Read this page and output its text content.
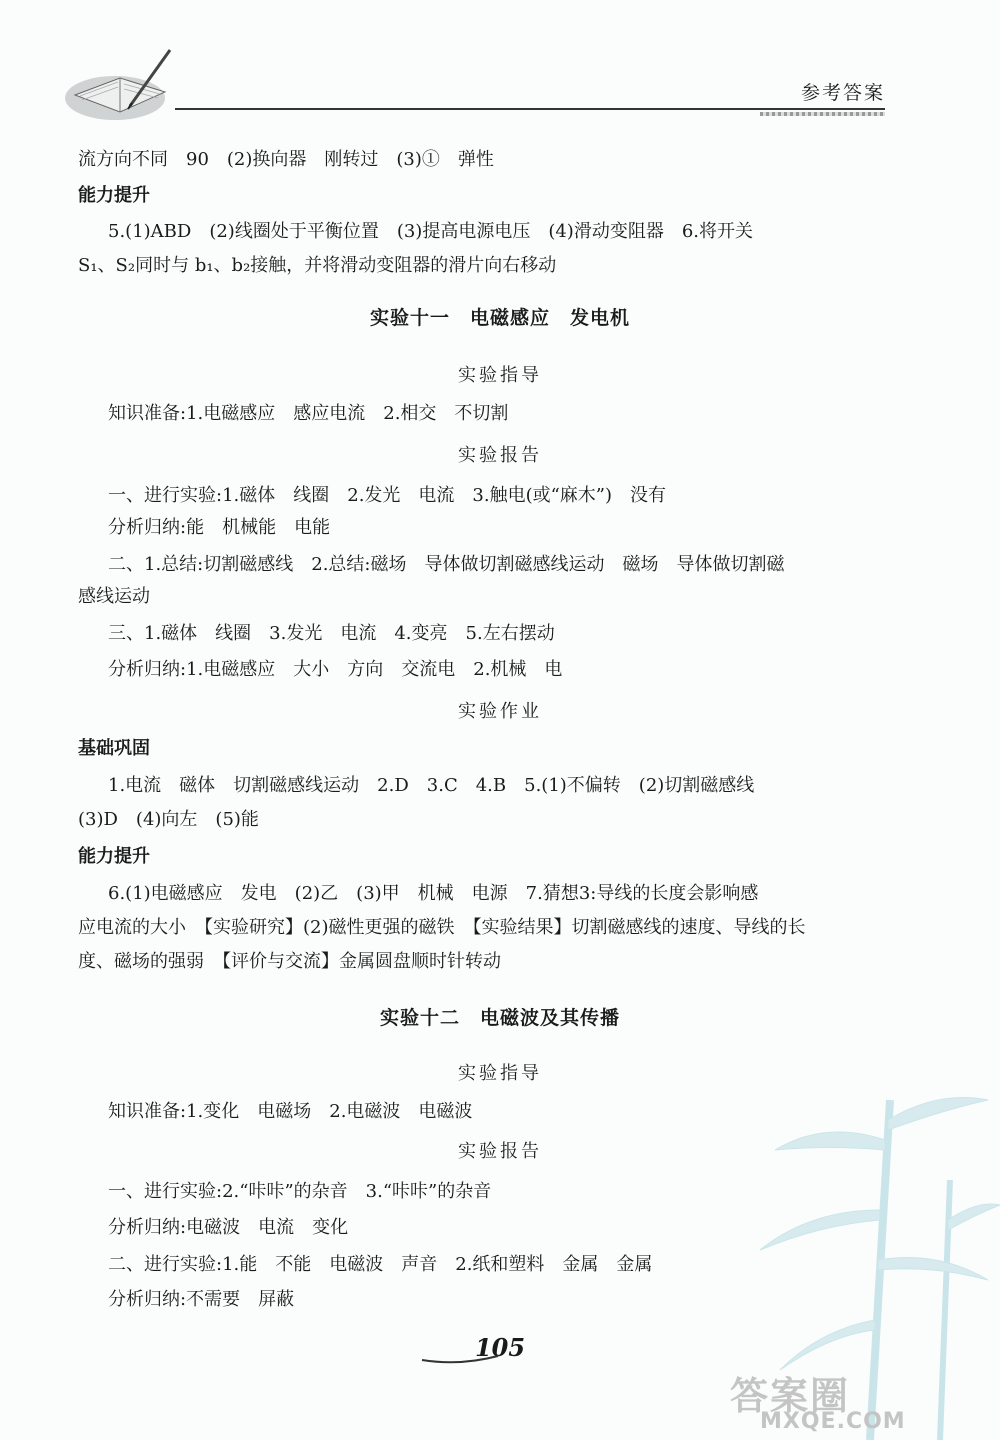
参考答案
流方向不同　90　(2)换向器　刚转过　(3)①　弹性
能力提升
5.(1)ABD　(2)线圈处于平衡位置　(3)提高电源电压　(4)滑动变阻器　6.将开关
S₁、S₂同时与 b₁、b₂接触，并将滑动变阻器的滑片向右移动
实验十一　电磁感应　发电机
实验指导
知识准备:1.电磁感应　感应电流　2.相交　不切割
实验报告
一、进行实验:1.磁体　线圈　2.发光　电流　3.触电(或“麻木”)　没有
分析归纳:能　机械能　电能
二、1.总结:切割磁感线　2.总结:磁场　导体做切割磁感线运动　磁场　导体做切割磁
感线运动
三、1.磁体　线圈　3.发光　电流　4.变亮　5.左右摆动
分析归纳:1.电磁感应　大小　方向　交流电　2.机械　电
实验作业
基础巩固
1.电流　磁体　切割磁感线运动　2.D　3.C　4.B　5.(1)不偏转　(2)切割磁感线
(3)D　(4)向左　(5)能
能力提升
6.(1)电磁感应　发电　(2)乙　(3)甲　机械　电源　7.猜想3:导线的长度会影响感
应电流的大小　【实验研究】(2)磁性更强的磁铁　【实验结果】切割磁感线的速度、导线的长
度、磁场的强弱　【评价与交流】金属圆盘顺时针转动
实验十二　电磁波及其传播
实验指导
知识准备:1.变化　电磁场　2.电磁波　电磁波
实验报告
一、进行实验:2.“咔咔”的杂音　3.“咔咔”的杂音
分析归纳:电磁波　电流　变化
二、进行实验:1.能　不能　电磁波　声音　2.纸和塑料　金属　金属
分析归纳:不需要　屏蔽
105
答案圈
MXQE.COM
